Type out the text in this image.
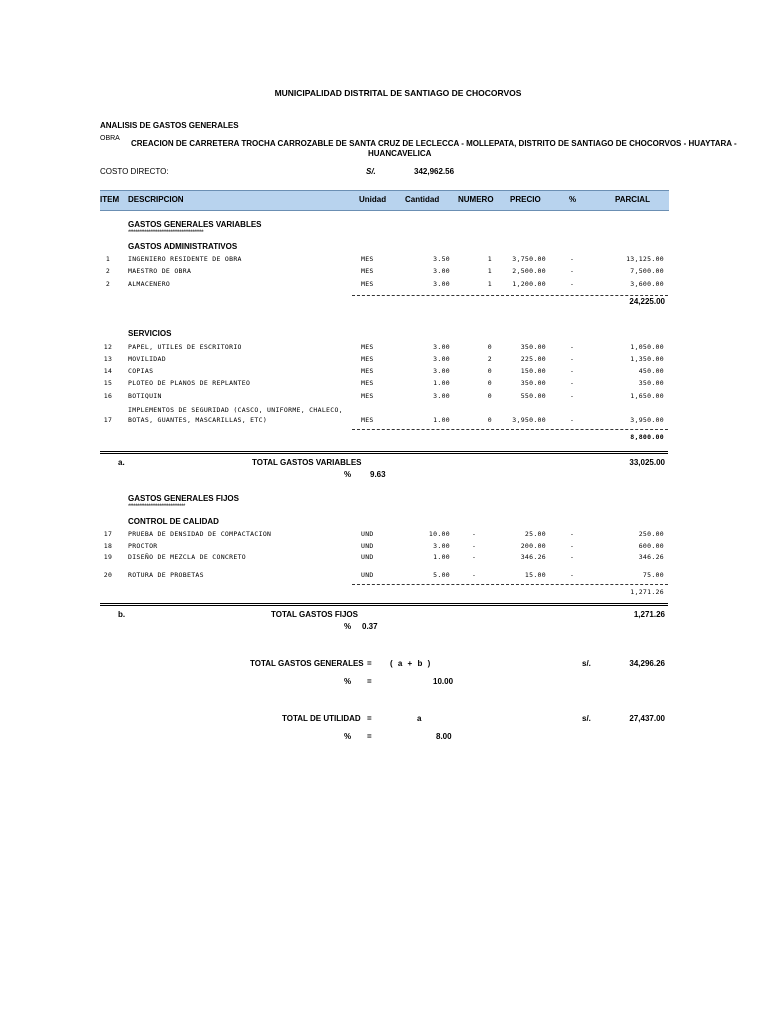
MUNICIPALIDAD DISTRITAL DE SANTIAGO DE CHOCORVOS
ANALISIS DE GASTOS GENERALES
OBRA
CREACION DE CARRETERA TROCHA CARROZABLE DE SANTA CRUZ DE LECLECCA - MOLLEPATA, DISTRITO DE SANTIAGO DE CHOCORVOS - HUAYTARA -
HUANCAVELICA
COSTO DIRECTO:	S/.	342,962.56
ITEM DESCRIPCION	Unidad Cantidad NUMERO PRECIO	%	PARCIAL
GASTOS GENERALES VARIABLES
*****************************************
GASTOS ADMINISTRATIVOS
1	INGENIERO RESIDENTE DE OBRA	MES	3.50	1	3,750.00	-	13,125.00
2	MAESTRO DE OBRA	MES	3.00	1	2,500.00	-	7,500.00
2	ALMACENERO	MES	3.00	1	1,200.00	-	3,600.00
24,225.00
SERVICIOS
12	PAPEL, UTILES DE ESCRITORIO	MES	3.00	0	350.00	-	1,050.00
13	MOVILIDAD	MES	3.00	2	225.00	-	1,350.00
14	COPIAS	MES	3.00	0	150.00	-	450.00
15	PLOTEO DE PLANOS DE REPLANTEO	MES	1.00	0	350.00	-	350.00
16	BOTIQUIN	MES	3.00	0	550.00	-	1,650.00
IMPLEMENTOS DE SEGURIDAD (CASCO, UNIFORME, CHALECO,
17	BOTAS, GUANTES, MASCARILLAS, ETC)	MES	1.00	0	3,950.00	-	3,950.00
8,800.00
a.	TOTAL GASTOS VARIABLES	33,025.00
% 9.63
GASTOS GENERALES FIJOS
*******************************
CONTROL DE CALIDAD
17	PRUEBA DE DENSIDAD DE COMPACTACION	UND	10.00	-	25.00	-	250.00
18	PROCTOR	UND	3.00	-	200.00	-	600.00
19	DISEÑO DE MEZCLA DE CONCRETO	UND	1.00	-	346.26	-	346.26
20	ROTURA DE PROBETAS	UND	5.00	-	15.00	-	75.00
1,271.26
b.	TOTAL GASTOS FIJOS	1,271.26
% 0.37
TOTAL GASTOS GENERALES = ( a + b )	s/.	34,296.26
% =	10.00
TOTAL DE UTILIDAD =	a	s/.	27,437.00
% =	8.00
